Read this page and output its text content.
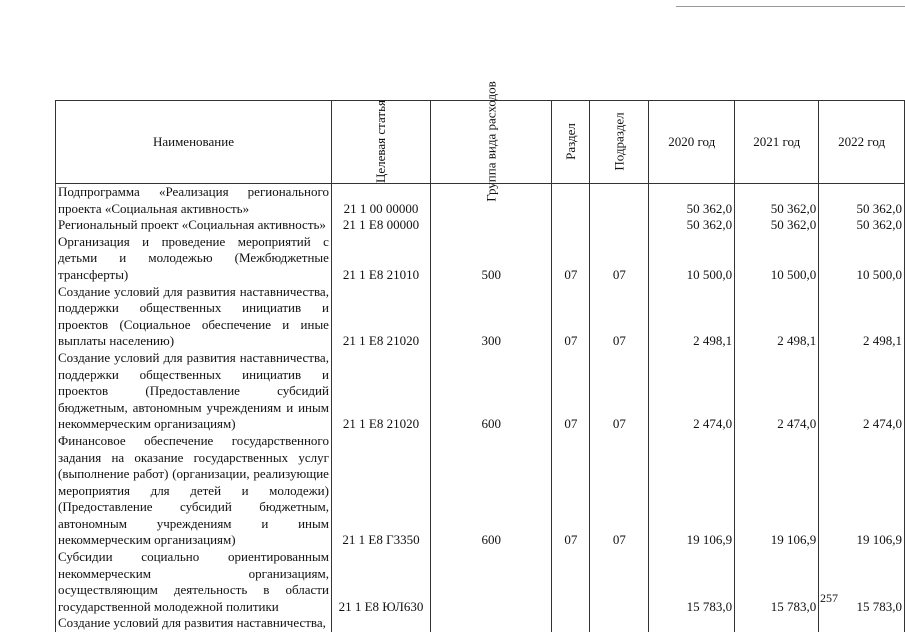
Наименование	Целевая статья	Группа вида расходов	Раздел	Подраздел	2020 год	2021 год	2022 год
Подпрограмма «Реализация регионального проекта «Социальная активность»	21 1 00 00000				50 362,0	50 362,0	50 362,0
Региональный проект «Социальная активность»	21 1 Е8 00000				50 362,0	50 362,0	50 362,0
Организация и проведение мероприятий с детьми и молодежью (Межбюджетные трансферты)	21 1 Е8 21010	500	07	07	10 500,0	10 500,0	10 500,0
Создание условий для развития наставничества, поддержки общественных инициатив и проектов (Социальное обеспечение и иные выплаты населению)	21 1 Е8 21020	300	07	07	2 498,1	2 498,1	2 498,1
Создание условий для развития наставничества, поддержки общественных инициатив и проектов (Предоставление субсидий бюджетным, автономным учреждениям и иным некоммерческим организациям)	21 1 Е8 21020	600	07	07	2 474,0	2 474,0	2 474,0
Финансовое обеспечение государственного задания на оказание государственных услуг (выполнение работ) (организации, реализующие мероприятия для детей и молодежи) (Предоставление субсидий бюджетным, автономным учреждениям и иным некоммерческим организациям)	21 1 Е8 Г3350	600	07	07	19 106,9	19 106,9	19 106,9
Субсидии социально ориентированным некоммерческим организациям, осуществляющим деятельность в области государственной молодежной политики	21 1 Е8 ЮЛ630				15 783,0	15 783,0	15 783,0
Создание условий для развития наставничества,							
257
